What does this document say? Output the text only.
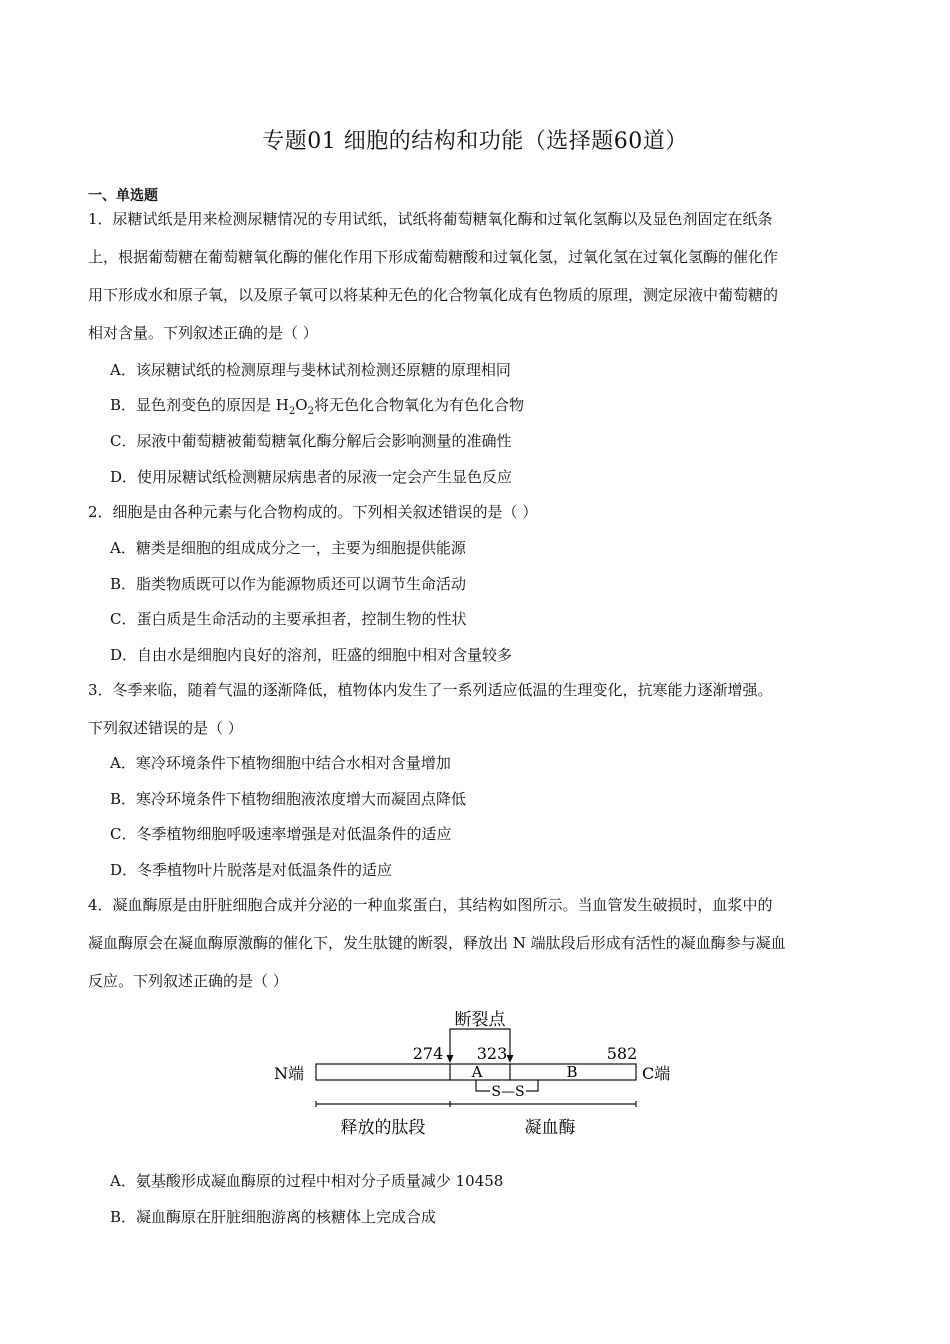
专题01 细胞的结构和功能（选择题60道）
一、单选题
1．尿糖试纸是用来检测尿糖情况的专用试纸，试纸将葡萄糖氧化酶和过氧化氢酶以及显色剂固定在纸条
上，根据葡萄糖在葡萄糖氧化酶的催化作用下形成葡萄糖酸和过氧化氢，过氧化氢在过氧化氢酶的催化作
用下形成水和原子氧，以及原子氧可以将某种无色的化合物氧化成有色物质的原理，测定尿液中葡萄糖的
相对含量。下列叙述正确的是（ ）
A．该尿糖试纸的检测原理与斐林试剂检测还原糖的原理相同
B．显色剂变色的原因是 $H_2O_2$将无色化合物氧化为有色化合物
C．尿液中葡萄糖被葡萄糖氧化酶分解后会影响测量的准确性
D．使用尿糖试纸检测糖尿病患者的尿液一定会产生显色反应
2．细胞是由各种元素与化合物构成的。下列相关叙述错误的是（ ）
A．糖类是细胞的组成成分之一，主要为细胞提供能源
B．脂类物质既可以作为能源物质还可以调节生命活动
C．蛋白质是生命活动的主要承担者，控制生物的性状
D．自由水是细胞内良好的溶剂，旺盛的细胞中相对含量较多
3．冬季来临，随着气温的逐渐降低，植物体内发生了一系列适应低温的生理变化，抗寒能力逐渐增强。
下列叙述错误的是（ ）
A．寒冷环境条件下植物细胞中结合水相对含量增加
B．寒冷环境条件下植物细胞液浓度增大而凝固点降低
C．冬季植物细胞呼吸速率增强是对低温条件的适应
D．冬季植物叶片脱落是对低温条件的适应
4．凝血酶原是由肝脏细胞合成并分泌的一种血浆蛋白，其结构如图所示。当血管发生破损时，血浆中的
凝血酶原会在凝血酶原激酶的催化下，发生肽键的断裂，释放出 N 端肽段后形成有活性的凝血酶参与凝血
反应。下列叙述正确的是（ ）
断裂点
274 323	582
N端	C端
A	B
S—S
释放的肽段	凝血酶
A．氨基酸形成凝血酶原的过程中相对分子质量减少 10458
B．凝血酶原在肝脏细胞游离的核糖体上完成合成
